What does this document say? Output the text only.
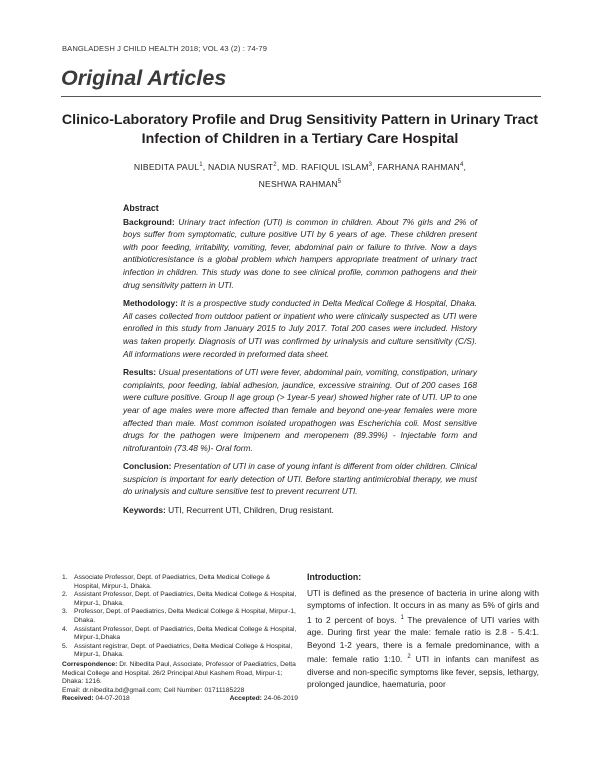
BANGLADESH J CHILD HEALTH 2018; VOL 43 (2) : 74-79
Original Articles
Clinico-Laboratory Profile and Drug Sensitivity Pattern in Urinary Tract Infection of Children in a Tertiary Care Hospital
NIBEDITA PAUL$^1$, NADIA NUSRAT$^2$, MD. RAFIQUL ISLAM$^3$, FARHANA RAHMAN$^4$,
NESHWA RAHMAN$^5$
Abstract

Background: Urinary tract infection (UTI) is common in children. About 7% girls and 2% of boys suffer from symptomatic, culture positive UTI by 6 years of age. These children present with poor feeding, irritability, vomiting, fever, abdominal pain or failure to thrive. Now a days antibioticresistance is a global problem which hampers appropriate treatment of urinary tract infection in children. This study was done to see clinical profile, common pathogens and their drug sensitivity pattern in UTI.

Methodology: It is a prospective study conducted in Delta Medical College & Hospital, Dhaka. All cases collected from outdoor patient or inpatient who were clinically suspected as UTI were enrolled in this study from January 2015 to July 2017. Total 200 cases were included. History was taken properly. Diagnosis of UTI was confirmed by urinalysis and culture sensitivity (C/S). All informations were recorded in preformed data sheet.

Results: Usual presentations of UTI were fever, abdominal pain, vomiting, constipation, urinary complaints, poor feeding, labial adhesion, jaundice, excessive straining. Out of 200 cases 168 were culture positive. Group II age group (> 1year-5 year) showed higher rate of UTI. UP to one year of age males were more affected than female and beyond one-year females were more affected than male. Most common isolated uropathogen was Escherichia coli. Most sensitive drugs for the pathogen were Imipenem and meropenem (89.39%) - Injectable form and nitrofurantoin (73.48 %)- Oral form.

Conclusion: Presentation of UTI in case of young infant is different from older children. Clinical suspicion is important for early detection of UTI. Before starting antimicrobial therapy, we must do urinalysis and culture sensitive test to prevent recurrent UTI.

Keywords: UTI, Recurrent UTI, Children, Drug resistant.

1. Associate Professor, Dept. of Paediatrics, Delta Medical College & Hospital, Mirpur-1, Dhaka.
2. Assistant Professor, Dept. of Paediatrics, Delta Medical College & Hospital, Mirpur-1, Dhaka.
3. Professor, Dept. of Paediatrics, Delta Medical College & Hospital, Mirpur-1, Dhaka.
4. Assistant Professor, Dept. of Paediatrics, Delta Medical College & Hospital, Mirpur-1,Dhaka
5. Assistant registrar, Dept. of Paediatrics, Delta Medical College & Hospital, Mirpur-1, Dhaka.
Correspondence: Dr. Nibedita Paul, Associate, Professor of Paediatrics, Delta Medical College and Hospital. 26/2 Principal Abul Kashem Road, Mirpur-1; Dhaka: 1216.
Email: dr.nibedita.bd@gmail.com; Cell Number: 01711185228
Received: 04-07-2018	Accepted: 24-06-2019
Introduction:

UTI is defined as the presence of bacteria in urine along with symptoms of infection. It occurs in as many as 5% of girls and 1 to 2 percent of boys. $^1$ The prevalence of UTI varies with age. During first year the male: female ratio is 2.8 - 5.4:1. Beyond 1-2 years, there is a female predominance, with a male: female ratio 1:10. $^2$ UTI in infants can manifest as diverse and non-specific symptoms like fever, sepsis, lethargy, prolonged jaundice, haematuria, poor
